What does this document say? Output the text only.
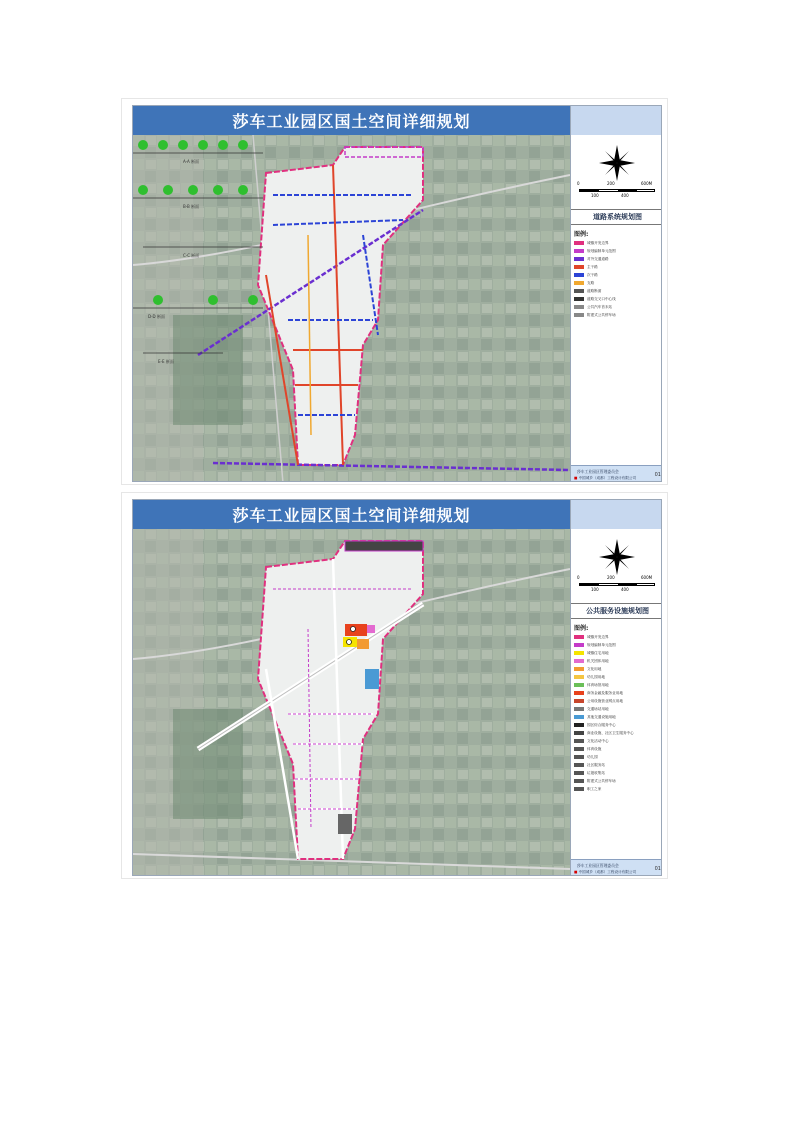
莎车工业园区国土空间详细规划
A-A 断面
B-B 断面
C-C 断面
D-D 断面
E-E 断面
0	200	600M
100	400
道路系统规划图
图例:
城镇开发边界
规划编制单元范围
对外交通道路
主干路
次干路
支路
道路断面
道路交叉口中心线
公共汽车首末站
附建式公共停车场
莎车工业园区管理委员会
■ 中国城乡（成都）工程设计有限公司	01
莎车工业园区国土空间详细规划
0	200	600M
100	400
公共服务设施规划图
图例:
城镇开发边界
规划编制单元范围
城镇住宅用地
机关团体用地
文化用地
幼儿园用地
体育场馆用地
商务金融及服务业用地
公用设施营业网点用地
交通场站用地
其他交通设施用地
园区综合服务中心
商业设施、社区卫生服务中心
文化活动中心
体育设施
幼儿园
社区服务站
垃圾收集站
附建式公共停车场
职工之家
莎车工业园区管理委员会
■ 中国城乡（成都）工程设计有限公司	01
